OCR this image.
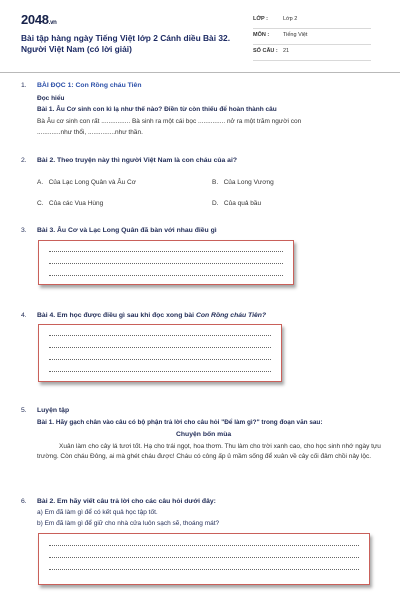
2048.vn
Bài tập hàng ngày Tiếng Việt lớp 2 Cánh diều Bài 32. Người Việt Nam (có lời giải)
LỚP :	Lớp 2
MÔN :	Tiếng Việt
SỐ CÂU : 21
1. BÀI ĐỌC 1: Con Rồng cháu Tiên
Đọc hiểu
Bài 1. Âu Cơ sinh con kì lạ như thế nào? Điền từ còn thiếu để hoàn thành câu
Bà Âu cơ sinh con rất ................ Bà sinh ra một cái bọc ............... nở ra một trăm người con
.............như thổi, ...............như thần.
2. Bài 2. Theo truyện này thì người Việt Nam là con cháu của ai?
A. Của Lạc Long Quân và Âu Cơ	B. Của Long Vương
C. Của các Vua Hùng	D. Của quả bầu
3. Bài 3. Âu Cơ và Lạc Long Quân đã bàn với nhau điều gì
4. Bài 4. Em học được điều gì sau khi đọc xong bài Con Rồng cháu Tiên?
5. Luyện tập
Bài 1. Hãy gạch chân vào câu có bộ phận trả lời cho câu hỏi "Để làm gì?" trong đoạn văn sau:
Chuyện bốn mùa
Xuân làm cho cây lá tươi tốt. Hạ cho trái ngọt, hoa thơm. Thu làm cho trời xanh cao, cho học sinh nhớ ngày tựu trường. Còn cháu Đông, ai mà ghét cháu được! Cháu có công ấp ủ mầm sống để xuân về cây cối đâm chồi nảy lộc.
6. Bài 2. Em hãy viết câu trả lời cho các câu hỏi dưới đây:
a) Em đã làm gì để có kết quả học tập tốt.
b) Em đã làm gì để giữ cho nhà cửa luôn sạch sẽ, thoáng mát?
